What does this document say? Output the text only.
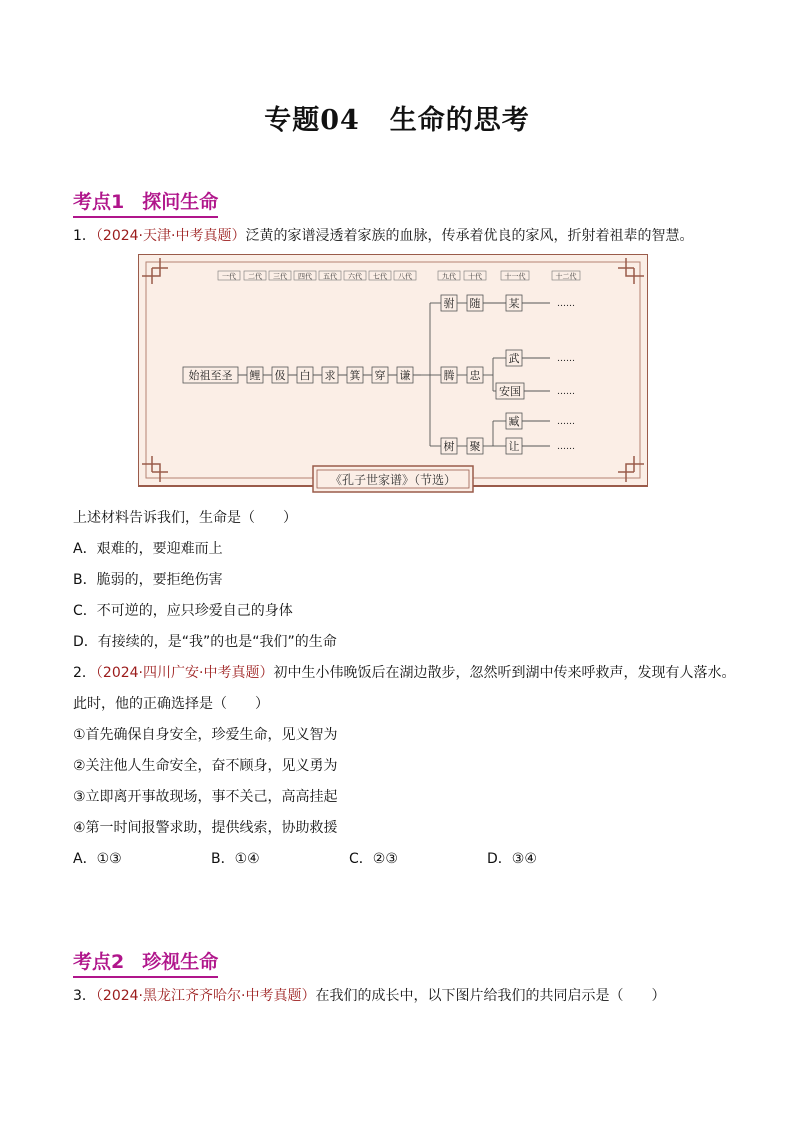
专题04 生命的思考
考点1 探问生命
1．（2024·天津·中考真题）泛黄的家谱浸透着家族的血脉，传承着优良的家风，折射着祖辈的智慧。
一代 二代 三代 四代 五代 六代 七代 八代	九代 十代	十一代	十二代
始祖至圣 鲤 伋 白 求 箕 穿 谦
驸 随	某	……
腾 忠
武
安国
……
……
树 聚
臧
让
……
……
《孔子世家谱》（节选）
上述材料告诉我们，生命是（　　）
A．艰难的，要迎难而上
B．脆弱的，要拒绝伤害
C．不可逆的，应只珍爱自己的身体
D．有接续的，是“我”的也是“我们”的生命
2．（2024·四川广安·中考真题）初中生小伟晚饭后在湖边散步，忽然听到湖中传来呼救声，发现有人落水。
此时，他的正确选择是（　　）
①首先确保自身安全，珍爱生命，见义智为
②关注他人生命安全，奋不顾身，见义勇为
③立即离开事故现场，事不关己，高高挂起
④第一时间报警求助，提供线索，协助救援
A．①③	B．①④	C．②③	D．③④
考点2 珍视生命
3．（2024·黑龙江齐齐哈尔·中考真题）在我们的成长中，以下图片给我们的共同启示是（　　）
